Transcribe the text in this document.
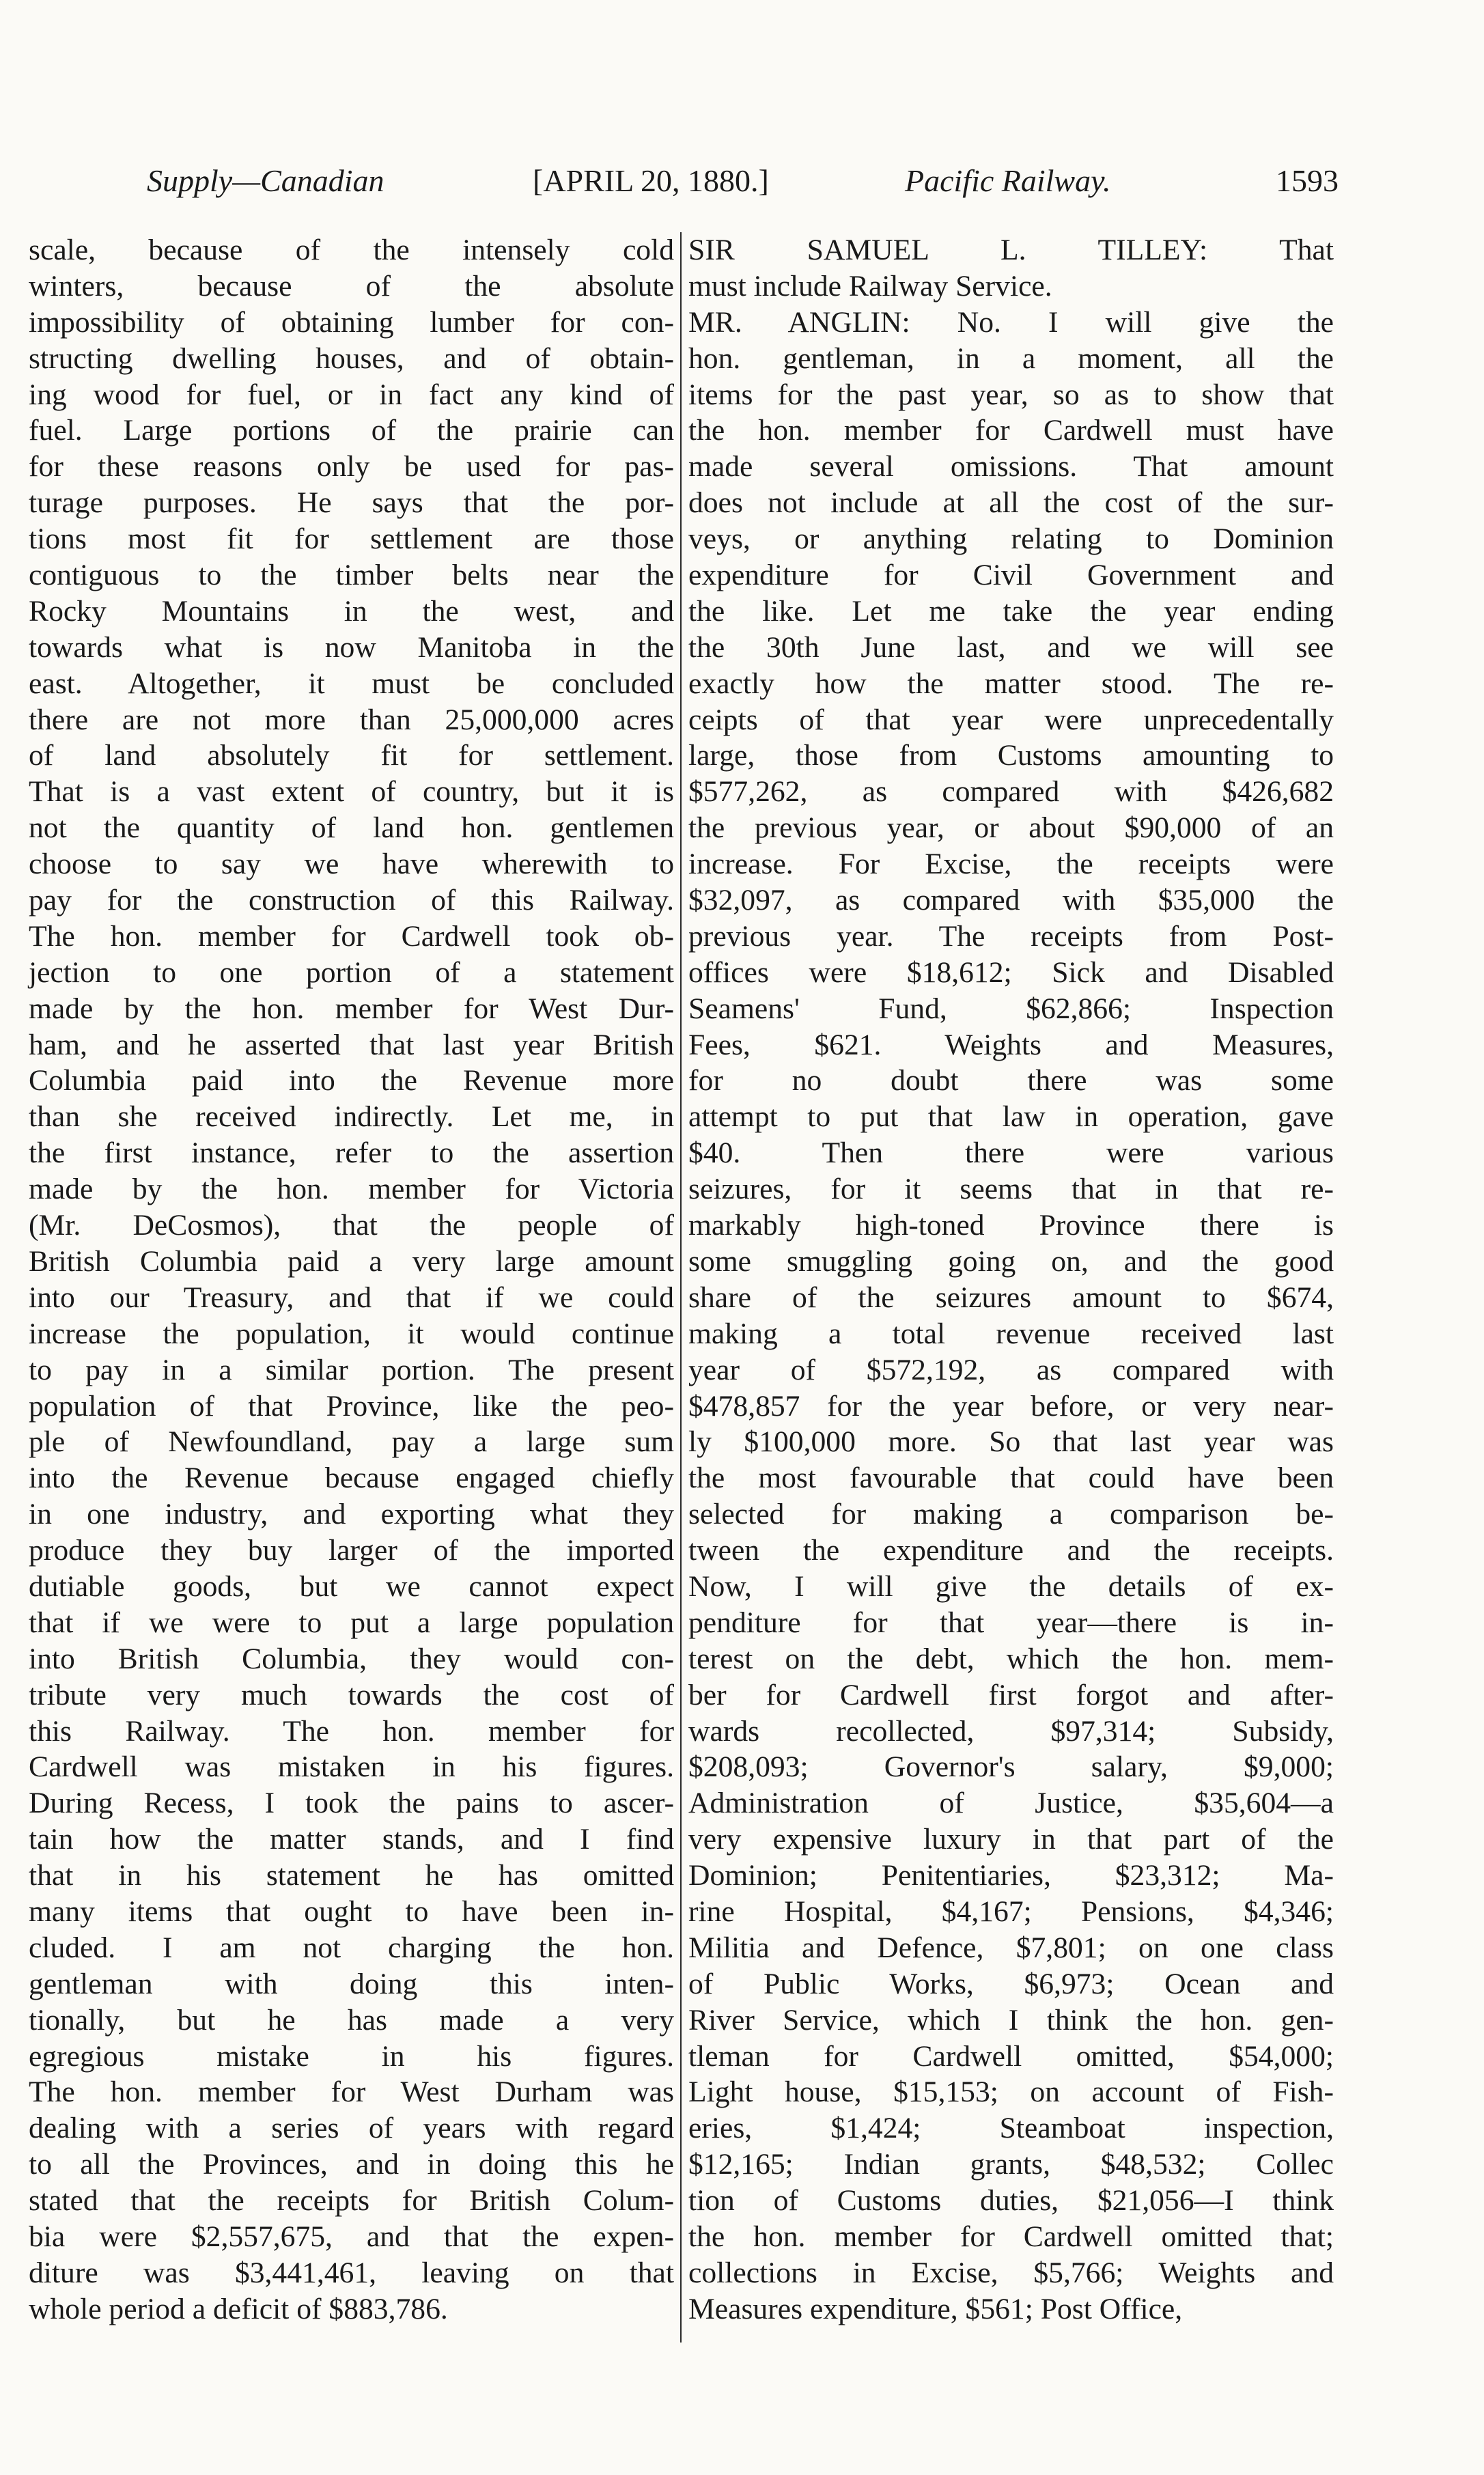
Supply—Canadian	[APRIL 20, 1880.]	Pacific Railway.	1593
scale, because of the intensely cold
winters, because of the absolute
impossibility of obtaining lumber for con-
structing dwelling houses, and of obtain-
ing wood for fuel, or in fact any kind of
fuel. Large portions of the prairie can
for these reasons only be used for pas-
turage purposes. He says that the por-
tions most fit for settlement are those
contiguous to the timber belts near the
Rocky Mountains in the west, and
towards what is now Manitoba in the
east. Altogether, it must be concluded
there are not more than 25,000,000 acres
of land absolutely fit for settlement.
That is a vast extent of country, but it is
not the quantity of land hon. gentlemen
choose to say we have wherewith to
pay for the construction of this Railway.
The hon. member for Cardwell took ob-
jection to one portion of a statement
made by the hon. member for West Dur-
ham, and he asserted that last year British
Columbia paid into the Revenue more
than she received indirectly. Let me, in
the first instance, refer to the assertion
made by the hon. member for Victoria
(Mr. DeCosmos), that the people of
British Columbia paid a very large amount
into our Treasury, and that if we could
increase the population, it would continue
to pay in a similar portion. The present
population of that Province, like the peo-
ple of Newfoundland, pay a large sum
into the Revenue because engaged chiefly
in one industry, and exporting what they
produce they buy larger of the imported
dutiable goods, but we cannot expect
that if we were to put a large population
into British Columbia, they would con-
tribute very much towards the cost of
this Railway. The hon. member for
Cardwell was mistaken in his figures.
During Recess, I took the pains to ascer-
tain how the matter stands, and I find
that in his statement he has omitted
many items that ought to have been in-
cluded. I am not charging the hon.
gentleman with doing this inten-
tionally, but he has made a very
egregious mistake in his figures.
The hon. member for West Durham was
dealing with a series of years with regard
to all the Provinces, and in doing this he
stated that the receipts for British Colum-
bia were $2,557,675, and that the expen-
diture was $3,441,461, leaving on that
whole period a deficit of $883,786.
SIR SAMUEL L. TILLEY: That
must include Railway Service.
MR. ANGLIN: No. I will give the
hon. gentleman, in a moment, all the
items for the past year, so as to show that
the hon. member for Cardwell must have
made several omissions. That amount
does not include at all the cost of the sur-
veys, or anything relating to Dominion
expenditure for Civil Government and
the like. Let me take the year ending
the 30th June last, and we will see
exactly how the matter stood. The re-
ceipts of that year were unprecedentally
large, those from Customs amounting to
$577,262, as compared with $426,682
the previous year, or about $90,000 of an
increase. For Excise, the receipts were
$32,097, as compared with $35,000 the
previous year. The receipts from Post-
offices were $18,612; Sick and Disabled
Seamens' Fund, $62,866; Inspection
Fees, $621. Weights and Measures,
for no doubt there was some
attempt to put that law in operation, gave
$40. Then there were various
seizures, for it seems that in that re-
markably high-toned Province there is
some smuggling going on, and the good
share of the seizures amount to $674,
making a total revenue received last
year of $572,192, as compared with
$478,857 for the year before, or very near-
ly $100,000 more. So that last year was
the most favourable that could have been
selected for making a comparison be-
tween the expenditure and the receipts.
Now, I will give the details of ex-
penditure for that year—there is in-
terest on the debt, which the hon. mem-
ber for Cardwell first forgot and after-
wards recollected, $97,314; Subsidy,
$208,093; Governor's salary, $9,000;
Administration of Justice, $35,604—a
very expensive luxury in that part of the
Dominion; Penitentiaries, $23,312; Ma-
rine Hospital, $4,167; Pensions, $4,346;
Militia and Defence, $7,801; on one class
of Public Works, $6,973; Ocean and
River Service, which I think the hon. gen-
tleman for Cardwell omitted, $54,000;
Light house, $15,153; on account of Fish-
eries, $1,424; Steamboat inspection,
$12,165; Indian grants, $48,532; Collec
tion of Customs duties, $21,056—I think
the hon. member for Cardwell omitted that;
collections in Excise, $5,766; Weights and
Measures expenditure, $561; Post Office,
